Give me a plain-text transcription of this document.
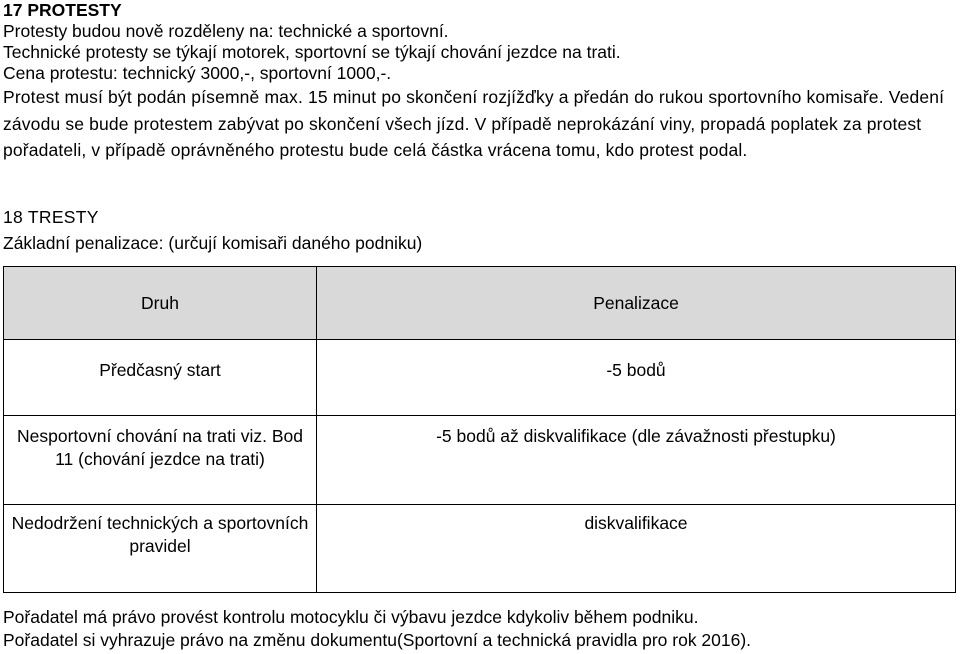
17 PROTESTY
Protesty budou nově rozděleny na: technické a sportovní.
Technické protesty se týkají motorek, sportovní se týkají chování jezdce na trati.
Cena protestu: technický 3000,-, sportovní 1000,-.
Protest musí být podán písemně max. 15 minut po skončení rozjížďky a předán do rukou sportovního komisaře. Vedení závodu se bude protestem zabývat po skončení všech jízd. V případě neprokázání viny, propadá poplatek za protest pořadateli, v případě oprávněného protestu bude celá částka vrácena tomu, kdo protest podal.
18 TRESTY
Základní penalizace: (určují komisaři daného podniku)
Druh	Penalizace
Předčasný start	-5 bodů
Nesportovní chování na trati viz. Bod 11 (chování jezdce na trati)	-5 bodů až diskvalifikace (dle závažnosti přestupku)
Nedodržení technických a sportovních pravidel	diskvalifikace
Pořadatel má právo provést kontrolu motocyklu či výbavu jezdce kdykoliv během podniku.
Pořadatel si vyhrazuje právo na změnu dokumentu(Sportovní a technická pravidla pro rok 2016).
